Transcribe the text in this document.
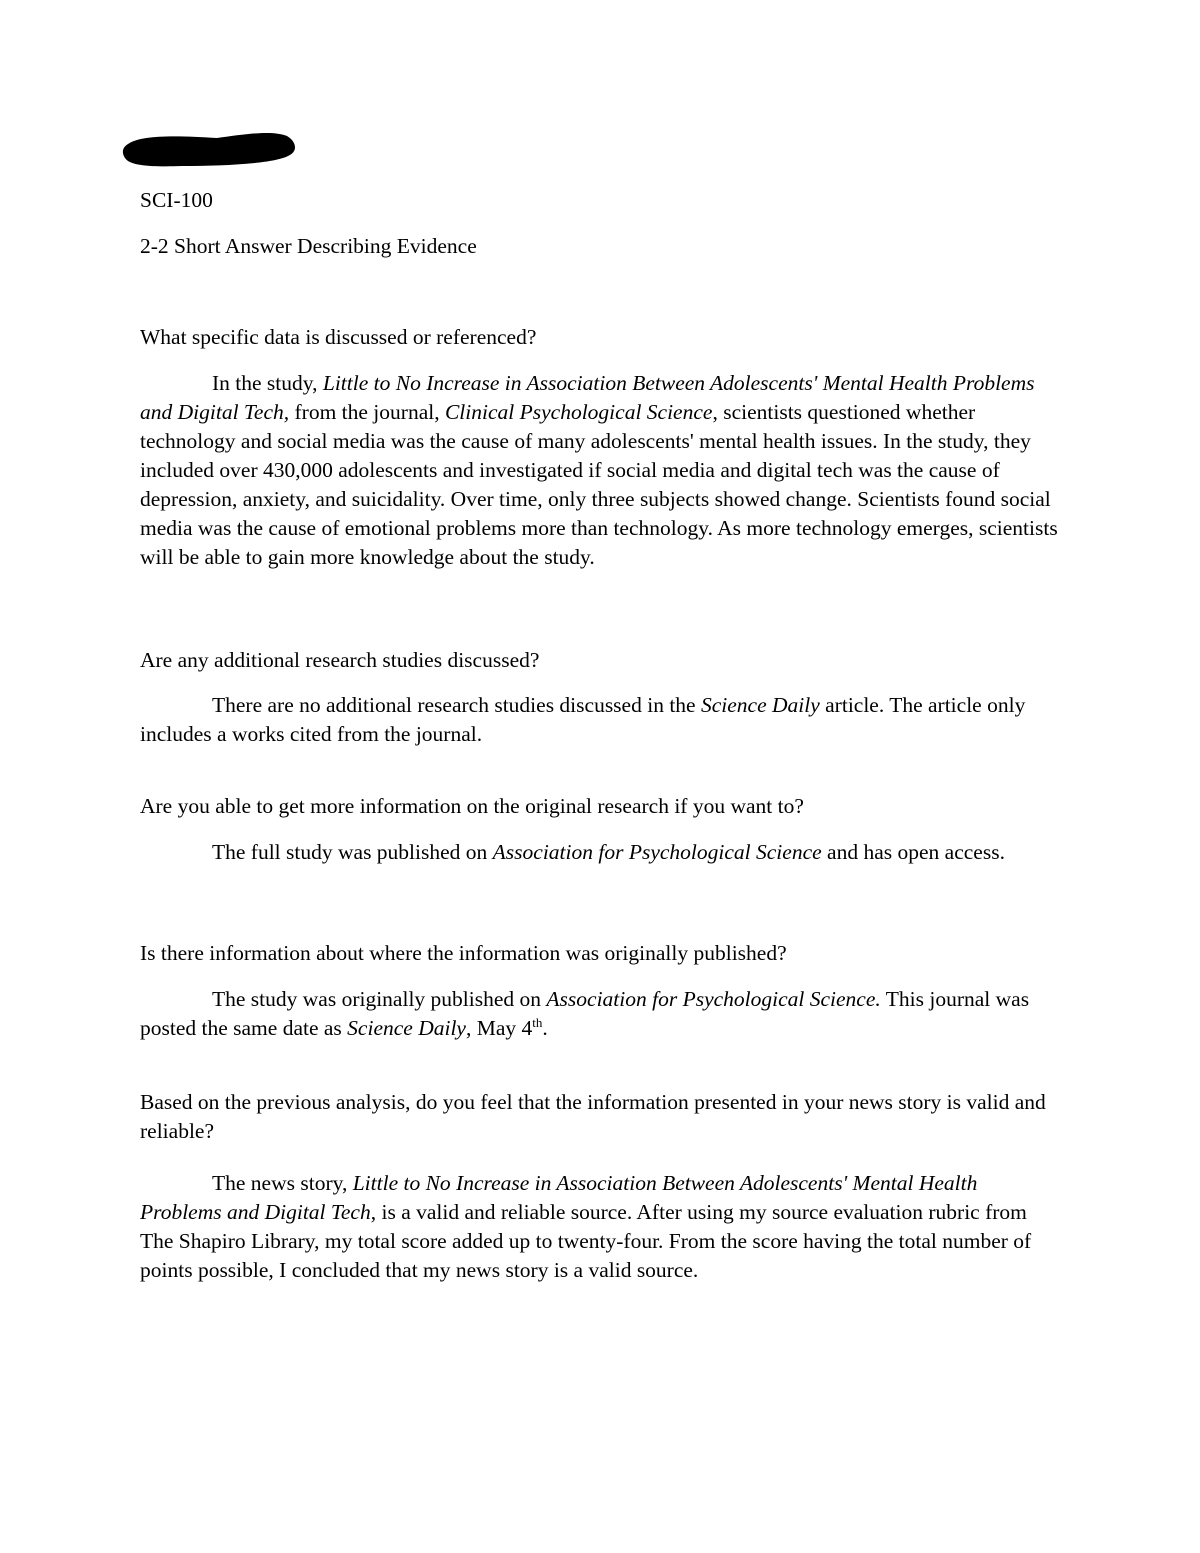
SCI-100

2-2 Short Answer Describing Evidence

What specific data is discussed or referenced?

In the study, Little to No Increase in Association Between Adolescents' Mental Health Problems and Digital Tech, from the journal, Clinical Psychological Science, scientists questioned whether technology and social media was the cause of many adolescents' mental health issues. In the study, they included over 430,000 adolescents and investigated if social media and digital tech was the cause of depression, anxiety, and suicidality. Over time, only three subjects showed change. Scientists found social media was the cause of emotional problems more than technology. As more technology emerges, scientists will be able to gain more knowledge about the study.

Are any additional research studies discussed?

There are no additional research studies discussed in the Science Daily article. The article only includes a works cited from the journal.

Are you able to get more information on the original research if you want to?

The full study was published on Association for Psychological Science and has open access.

Is there information about where the information was originally published?

The study was originally published on Association for Psychological Science. This journal was posted the same date as Science Daily, May 4th.

Based on the previous analysis, do you feel that the information presented in your news story is valid and reliable?

The news story, Little to No Increase in Association Between Adolescents' Mental Health Problems and Digital Tech, is a valid and reliable source. After using my source evaluation rubric from The Shapiro Library, my total score added up to twenty-four. From the score having the total number of points possible, I concluded that my news story is a valid source.
